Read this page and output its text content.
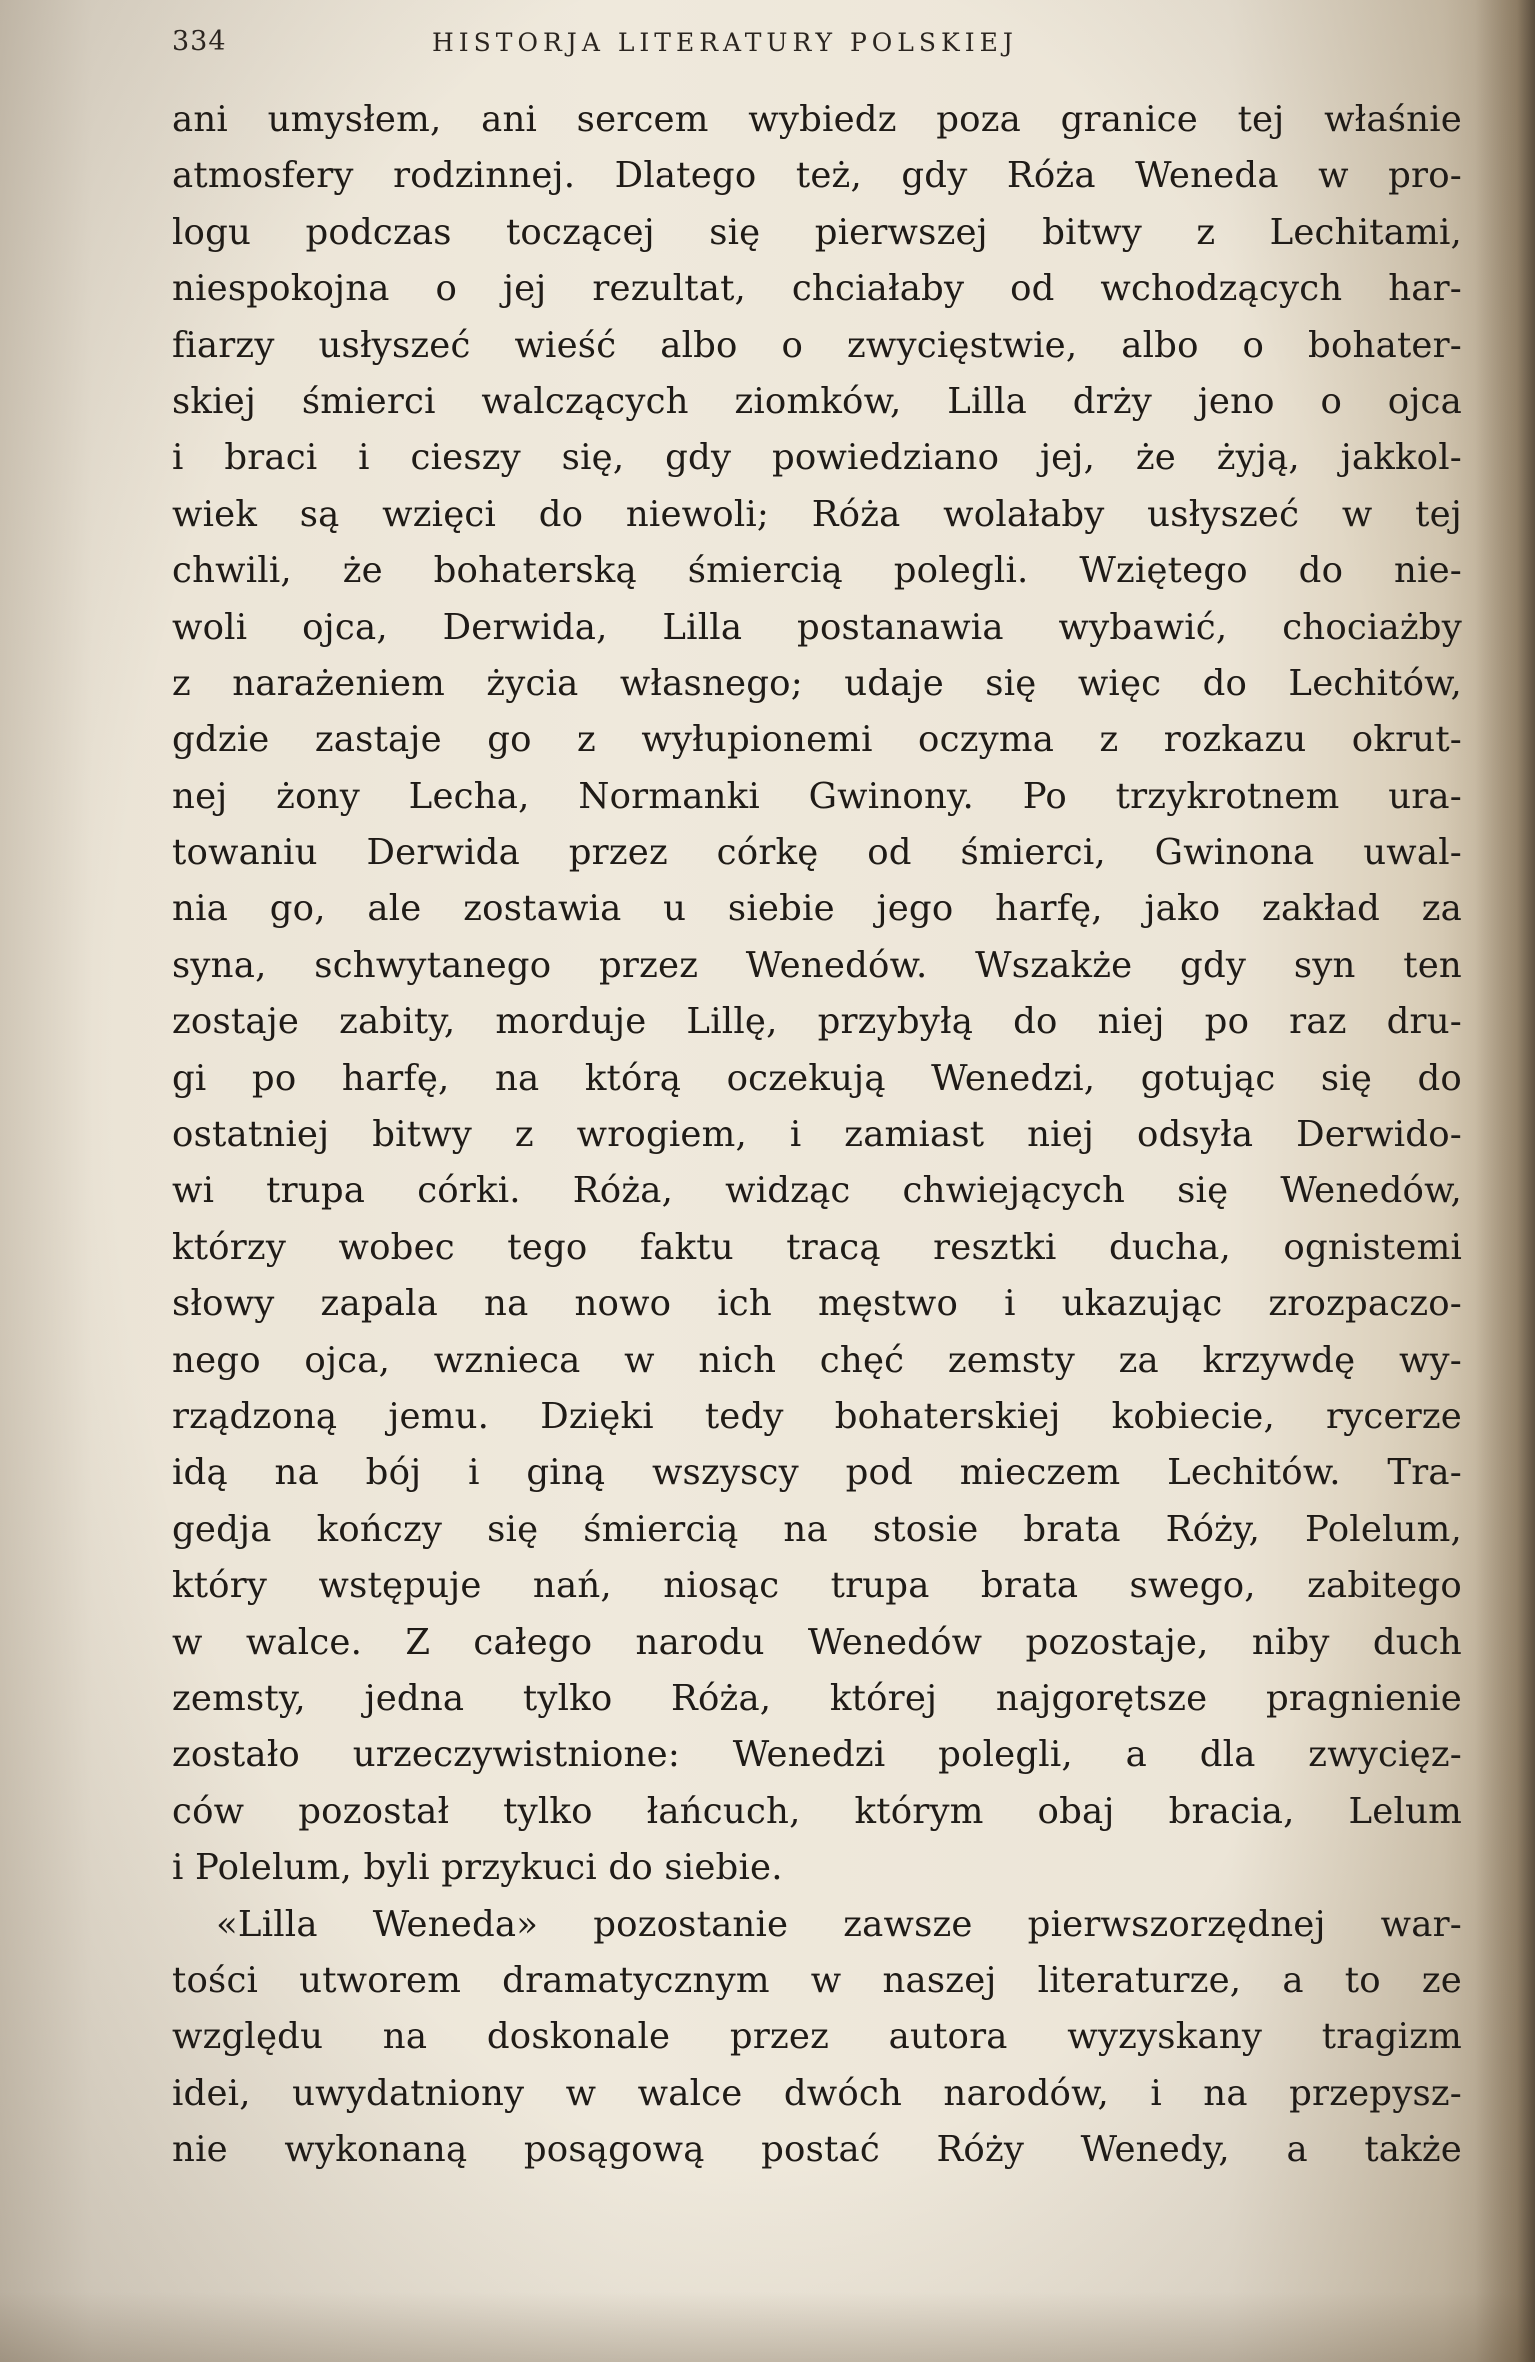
334	HISTORJA LITERATURY POLSKIEJ
ani umysłem, ani sercem wybiedz poza granice tej właśnie
atmosfery rodzinnej. Dlatego też, gdy Róża Weneda w pro-
logu podczas toczącej się pierwszej bitwy z Lechitami,
niespokojna o jej rezultat, chciałaby od wchodzących har-
fiarzy usłyszeć wieść albo o zwycięstwie, albo o bohater-
skiej śmierci walczących ziomków, Lilla drży jeno o ojca
i braci i cieszy się, gdy powiedziano jej, że żyją, jakkol-
wiek są wzięci do niewoli; Róża wolałaby usłyszeć w tej
chwili, że bohaterską śmiercią polegli. Wziętego do nie-
woli ojca, Derwida, Lilla postanawia wybawić, chociażby
z narażeniem życia własnego; udaje się więc do Lechitów,
gdzie zastaje go z wyłupionemi oczyma z rozkazu okrut-
nej żony Lecha, Normanki Gwinony. Po trzykrotnem ura-
towaniu Derwida przez córkę od śmierci, Gwinona uwal-
nia go, ale zostawia u siebie jego harfę, jako zakład za
syna, schwytanego przez Wenedów. Wszakże gdy syn ten
zostaje zabity, morduje Lillę, przybyłą do niej po raz dru-
gi po harfę, na którą oczekują Wenedzi, gotując się do
ostatniej bitwy z wrogiem, i zamiast niej odsyła Derwido-
wi trupa córki. Róża, widząc chwiejących się Wenedów,
którzy wobec tego faktu tracą resztki ducha, ognistemi
słowy zapala na nowo ich męstwo i ukazując zrozpaczo-
nego ojca, wznieca w nich chęć zemsty za krzywdę wy-
rządzoną jemu. Dzięki tedy bohaterskiej kobiecie, rycerze
idą na bój i giną wszyscy pod mieczem Lechitów. Tra-
gedja kończy się śmiercią na stosie brata Róży, Polelum,
który wstępuje nań, niosąc trupa brata swego, zabitego
w walce. Z całego narodu Wenedów pozostaje, niby duch
zemsty, jedna tylko Róża, której najgorętsze pragnienie
zostało urzeczywistnione: Wenedzi polegli, a dla zwycięz-
ców pozostał tylko łańcuch, którym obaj bracia, Lelum
i Polelum, byli przykuci do siebie.
«Lilla Weneda» pozostanie zawsze pierwszorzędnej war-
tości utworem dramatycznym w naszej literaturze, a to ze
względu na doskonale przez autora wyzyskany tragizm
idei, uwydatniony w walce dwóch narodów, i na przepysz-
nie wykonaną posągową postać Róży Wenedy, a także
